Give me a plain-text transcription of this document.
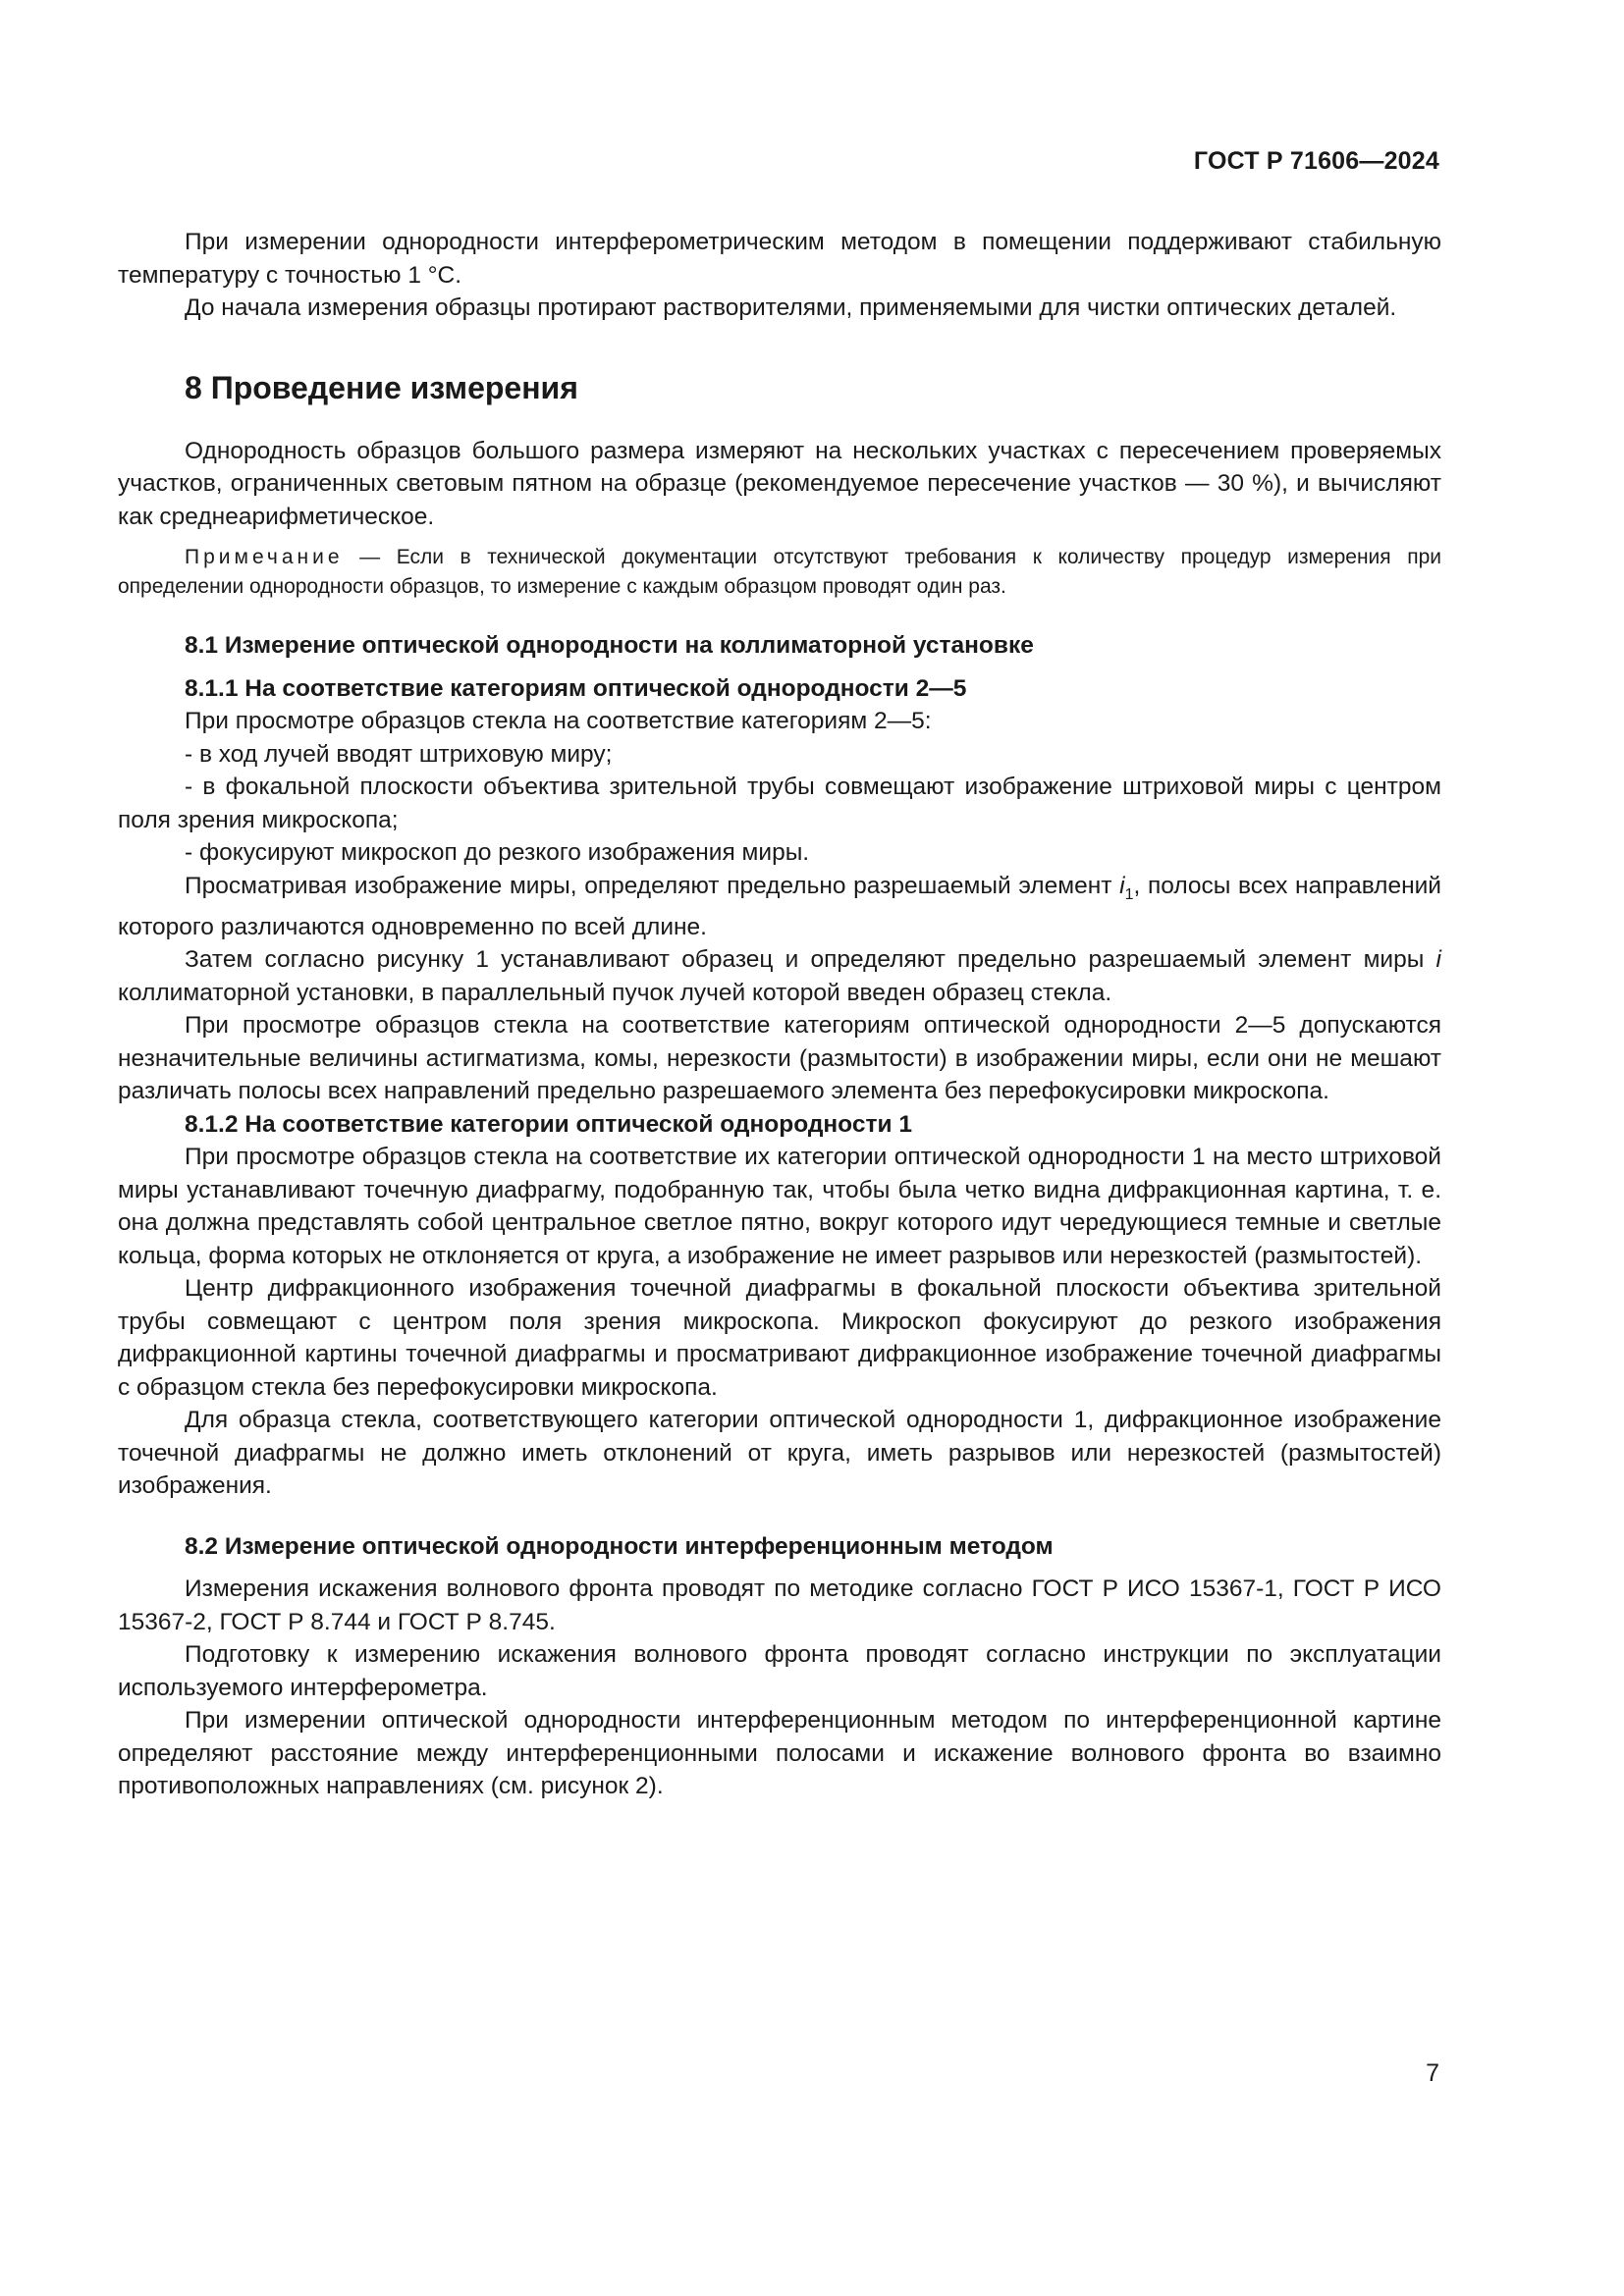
ГОСТ Р 71606—2024

При измерении однородности интерферометрическим методом в помещении поддерживают стабильную температуру с точностью 1 °С.

До начала измерения образцы протирают растворителями, применяемыми для чистки оптических деталей.

8 Проведение измерения

Однородность образцов большого размера измеряют на нескольких участках с пересечением проверяемых участков, ограниченных световым пятном на образце (рекомендуемое пересечение участков — 30 %), и вычисляют как среднеарифметическое.

Примечание — Если в технической документации отсутствуют требования к количеству процедур измерения при определении однородности образцов, то измерение с каждым образцом проводят один раз.

8.1 Измерение оптической однородности на коллиматорной установке
8.1.1 На соответствие категориям оптической однородности 2—5

При просмотре образцов стекла на соответствие категориям 2—5:

- в ход лучей вводят штриховую миру;

- в фокальной плоскости объектива зрительной трубы совмещают изображение штриховой миры с центром поля зрения микроскопа;

- фокусируют микроскоп до резкого изображения миры.

Просматривая изображение миры, определяют предельно разрешаемый элемент $i_1$, полосы всех направлений которого различаются одновременно по всей длине.

Затем согласно рисунку 1 устанавливают образец и определяют предельно разрешаемый элемент миры i коллиматорной установки, в параллельный пучок лучей которой введен образец стекла.

При просмотре образцов стекла на соответствие категориям оптической однородности 2—5 допускаются незначительные величины астигматизма, комы, нерезкости (размытости) в изображении миры, если они не мешают различать полосы всех направлений предельно разрешаемого элемента без перефокусировки микроскопа.

8.1.2 На соответствие категории оптической однородности 1

При просмотре образцов стекла на соответствие их категории оптической однородности 1 на место штриховой миры устанавливают точечную диафрагму, подобранную так, чтобы была четко видна дифракционная картина, т. е. она должна представлять собой центральное светлое пятно, вокруг которого идут чередующиеся темные и светлые кольца, форма которых не отклоняется от круга, а изображение не имеет разрывов или нерезкостей (размытостей).

Центр дифракционного изображения точечной диафрагмы в фокальной плоскости объектива зрительной трубы совмещают с центром поля зрения микроскопа. Микроскоп фокусируют до резкого изображения дифракционной картины точечной диафрагмы и просматривают дифракционное изображение точечной диафрагмы с образцом стекла без перефокусировки микроскопа.

Для образца стекла, соответствующего категории оптической однородности 1, дифракционное изображение точечной диафрагмы не должно иметь отклонений от круга, иметь разрывов или нерезкостей (размытостей) изображения.

8.2 Измерение оптической однородности интерференционным методом

Измерения искажения волнового фронта проводят по методике согласно ГОСТ Р ИСО 15367-1, ГОСТ Р ИСО 15367-2, ГОСТ Р 8.744 и ГОСТ Р 8.745.

Подготовку к измерению искажения волнового фронта проводят согласно инструкции по эксплуатации используемого интерферометра.

При измерении оптической однородности интерференционным методом по интерференционной картине определяют расстояние между интерференционными полосами и искажение волнового фронта во взаимно противоположных направлениях (см. рисунок 2).

7
